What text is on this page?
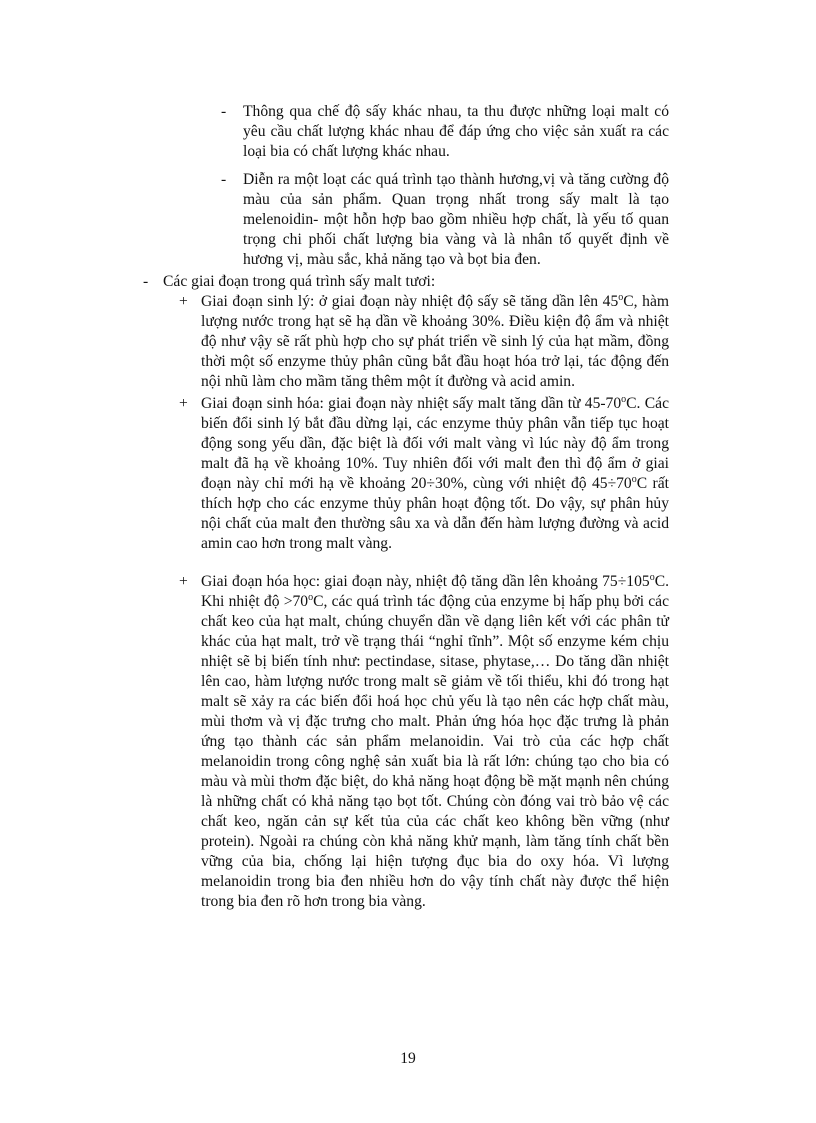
- Thông qua chế độ sấy khác nhau, ta thu được những loại malt có yêu cầu chất lượng khác nhau để đáp ứng cho việc sản xuất ra các loại bia có chất lượng khác nhau.
- Diễn ra một loạt các quá trình tạo thành hương,vị và tăng cường độ màu của sản phẩm. Quan trọng nhất trong sấy malt là tạo melenoidin- một hỗn hợp bao gồm nhiều hợp chất, là yếu tố quan trọng chi phối chất lượng bia vàng và là nhân tố quyết định về hương vị, màu sắc, khả năng tạo và bọt bia đen.
- Các giai đoạn trong quá trình sấy malt tươi:
+ Giai đoạn sinh lý: ở giai đoạn này nhiệt độ sấy sẽ tăng dần lên 45$^o$C, hàm lượng nước trong hạt sẽ hạ dần về khoảng 30%. Điều kiện độ ẩm và nhiệt độ như vậy sẽ rất phù hợp cho sự phát triển về sinh lý của hạt mầm, đồng thời một số enzyme thủy phân cũng bắt đầu hoạt hóa trở lại, tác động đến nội nhũ làm cho mầm tăng thêm một ít đường và acid amin.
+ Giai đoạn sinh hóa: giai đoạn này nhiệt sấy malt tăng dần từ 45-70$^o$C. Các biến đổi sinh lý bắt đầu dừng lại, các enzyme thủy phân vẫn tiếp tục hoạt động song yếu dần, đặc biệt là đối với malt vàng vì lúc này độ ẩm trong malt đã hạ về khoảng 10%. Tuy nhiên đối với malt đen thì độ ẩm ở giai đoạn này chỉ mới hạ về khoảng 20÷30%, cùng với nhiệt độ $45\div 70^oC$ rất thích hợp cho các enzyme thủy phân hoạt động tốt. Do vậy, sự phân hủy nội chất của malt đen thường sâu xa và dẫn đến hàm lượng đường và acid amin cao hơn trong malt vàng.
+ Giai đoạn hóa học: giai đoạn này, nhiệt độ tăng dần lên khoảng $75\div 105^oC$. Khi nhiệt độ $>70^oC$, các quá trình tác động của enzyme bị hấp phụ bởi các chất keo của hạt malt, chúng chuyển dần về dạng liên kết với các phân tử khác của hạt malt, trở về trạng thái “nghỉ tĩnh”. Một số enzyme kém chịu nhiệt sẽ bị biến tính như: pectindase, sitase, phytase,… Do tăng dần nhiệt lên cao, hàm lượng nước trong malt sẽ giảm về tối thiểu, khi đó trong hạt malt sẽ xảy ra các biến đổi hoá học chủ yếu là tạo nên các hợp chất màu, mùi thơm và vị đặc trưng cho malt. Phản ứng hóa học đặc trưng là phản ứng tạo thành các sản phẩm melanoidin. Vai trò của các hợp chất melanoidin trong công nghệ sản xuất bia là rất lớn: chúng tạo cho bia có màu và mùi thơm đặc biệt, do khả năng hoạt động bề mặt mạnh nên chúng là những chất có khả năng tạo bọt tốt. Chúng còn đóng vai trò bảo vệ các chất keo, ngăn cản sự kết tủa của các chất keo không bền vững (như protein). Ngoài ra chúng còn khả năng khử mạnh, làm tăng tính chất bền vững của bia, chống lại hiện tượng đục bia do oxy hóa. Vì lượng melanoidin trong bia đen nhiều hơn do vậy tính chất này được thể hiện trong bia đen rõ hơn trong bia vàng.
19
